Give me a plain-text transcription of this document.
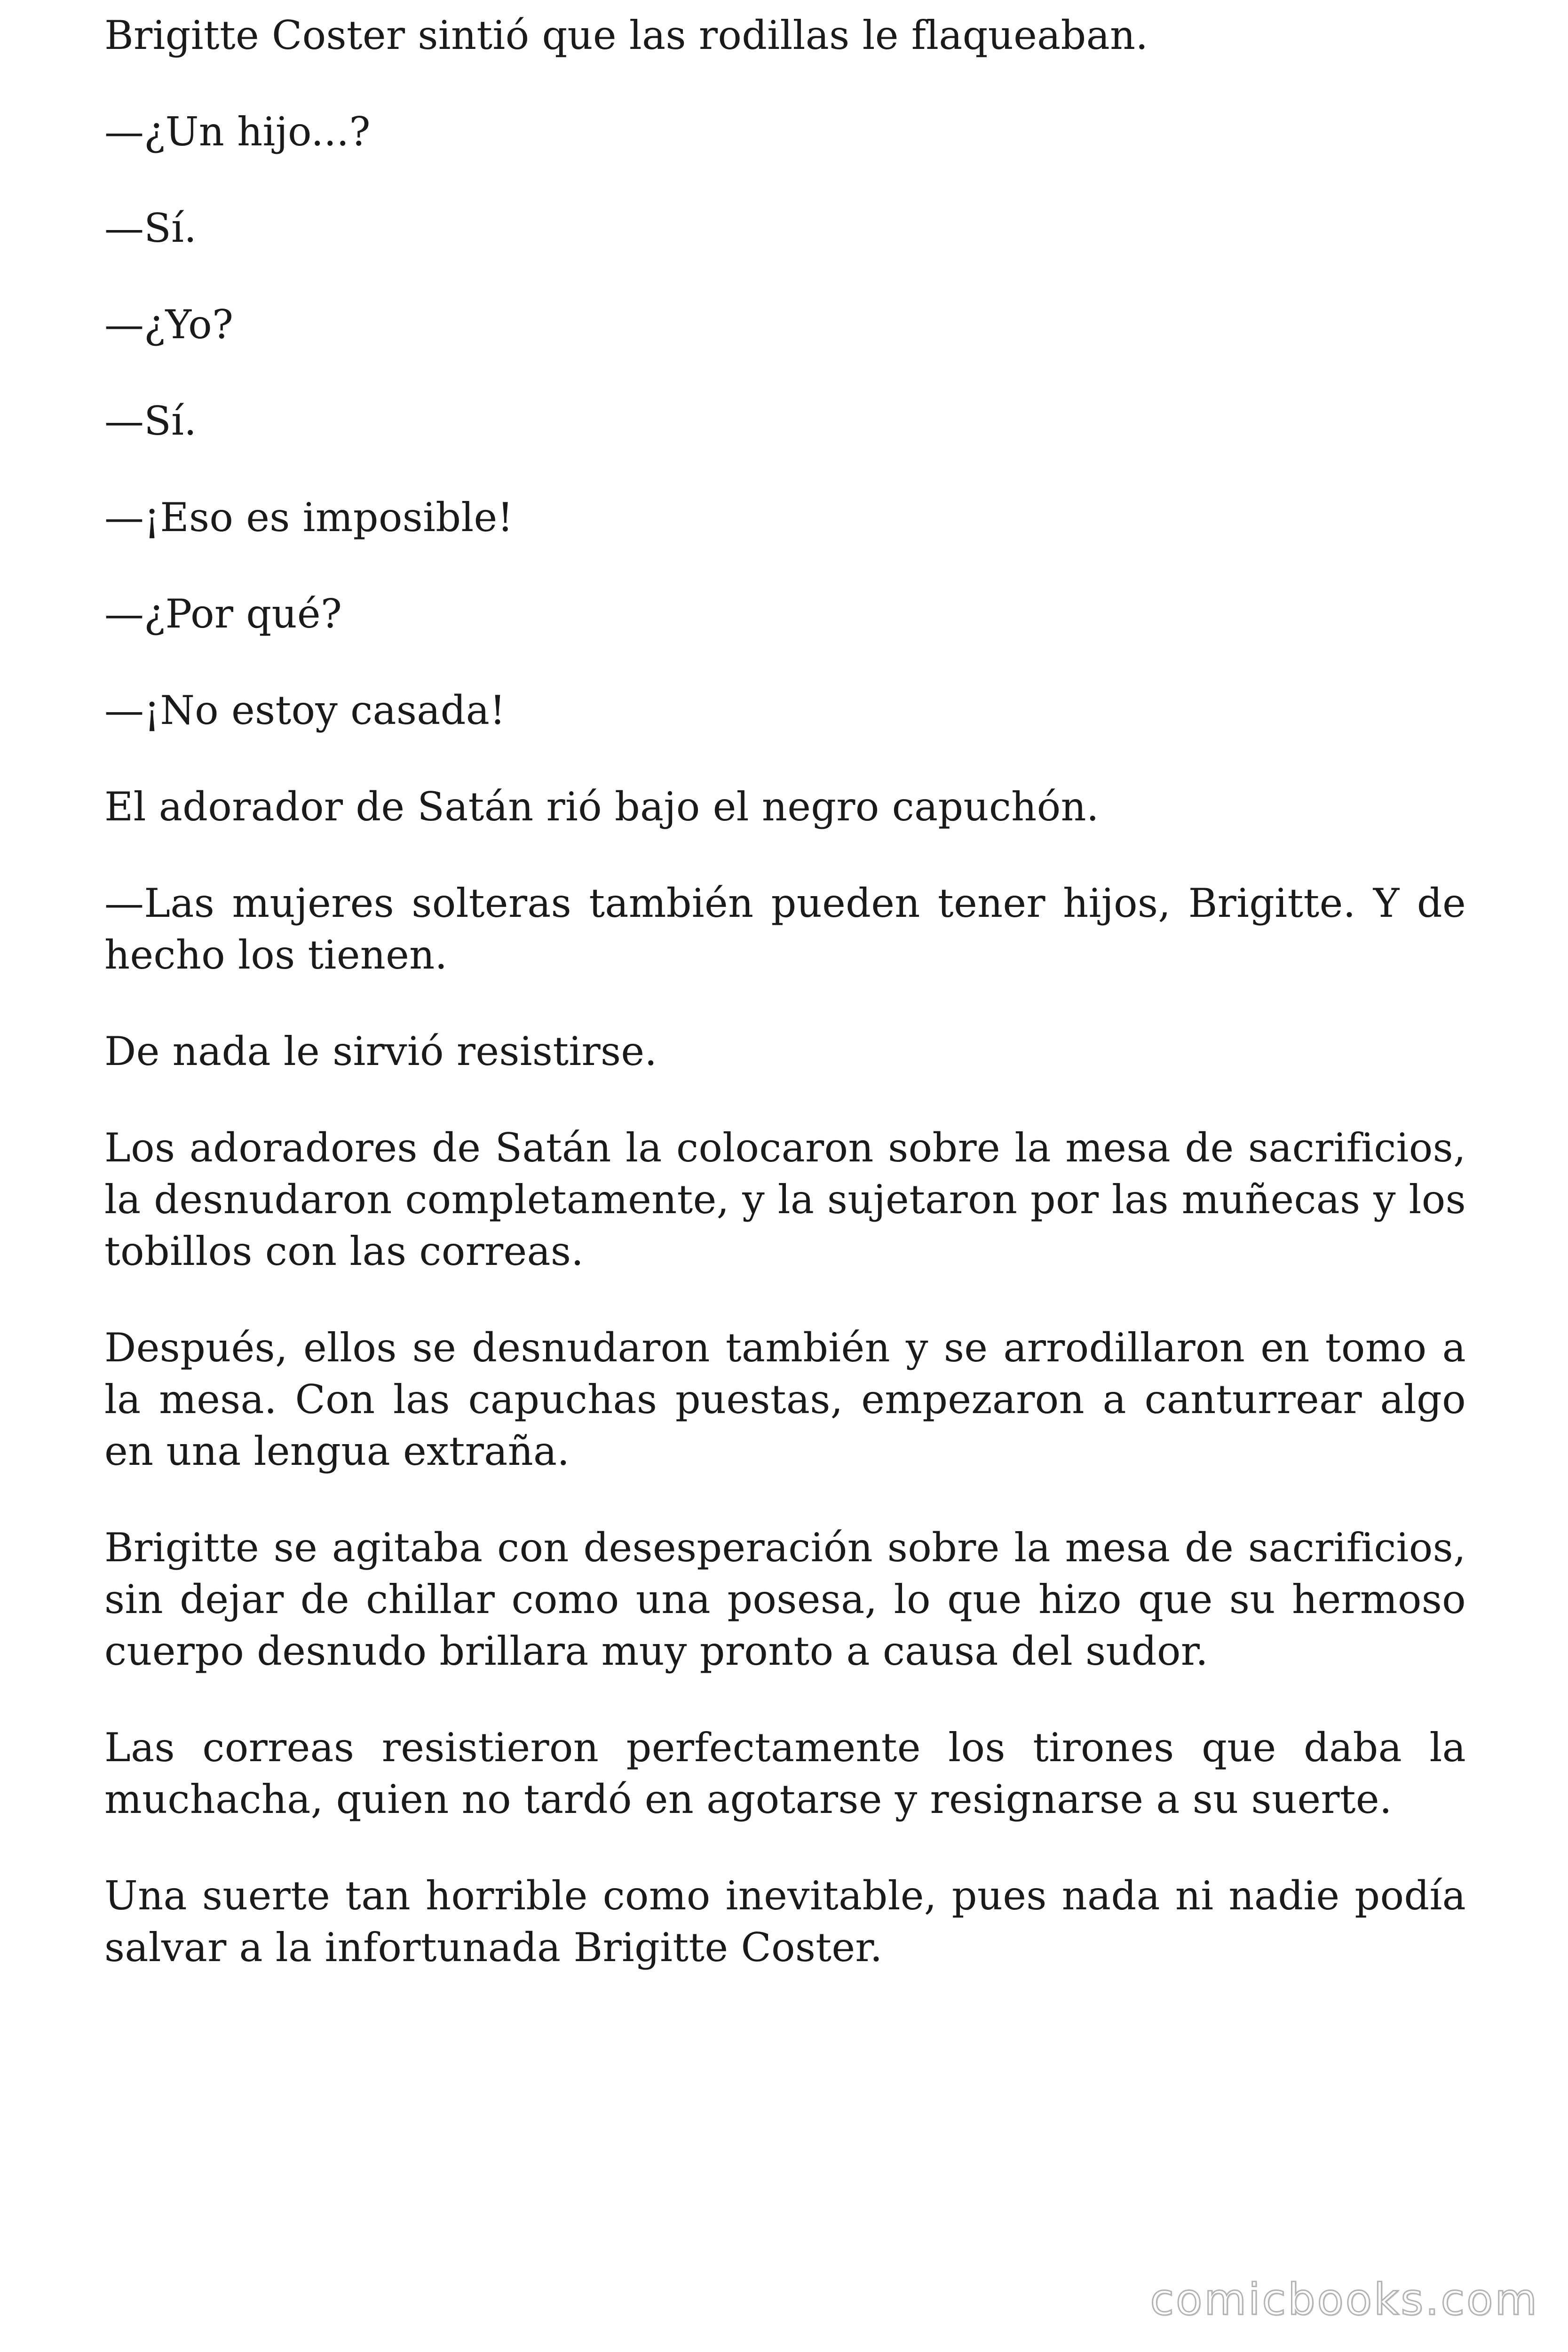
Brigitte Coster sintió que las rodillas le flaqueaban.

—¿Un hijo...?

—Sí.

—¿Yo?

—Sí.

—¡Eso es imposible!

—¿Por qué?

—¡No estoy casada!

El adorador de Satán rió bajo el negro capuchón.

—Las mujeres solteras también pueden tener hijos, Brigitte. Y de hecho los tienen.

De nada le sirvió resistirse.

Los adoradores de Satán la colocaron sobre la mesa de sacrificios, la desnudaron completamente, y la sujetaron por las muñecas y los tobillos con las correas.

Después, ellos se desnudaron también y se arrodillaron en tomo a la mesa. Con las capuchas puestas, empezaron a canturrear algo en una lengua extraña.

Brigitte se agitaba con desesperación sobre la mesa de sacrificios, sin dejar de chillar como una posesa, lo que hizo que su hermoso cuerpo desnudo brillara muy pronto a causa del sudor.

Las correas resistieron perfectamente los tirones que daba la muchacha, quien no tardó en agotarse y resignarse a su suerte.

Una suerte tan horrible como inevitable, pues nada ni nadie podía salvar a la infortunada Brigitte Coster.

comicbooks.com
